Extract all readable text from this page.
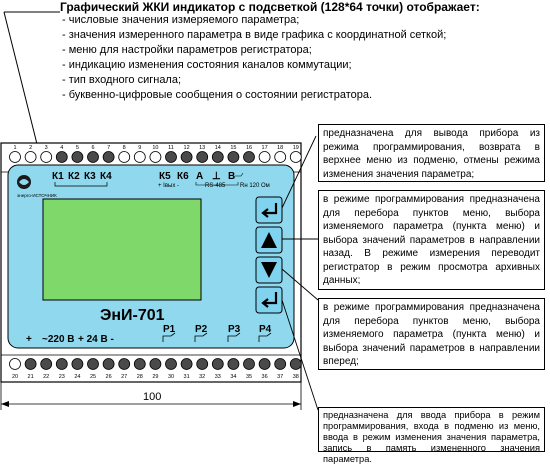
Графический ЖКИ индикатор с подсветкой (128*64 точки) отображает:
- числовые значения измеряемого параметра;
- значения измеренного параметра в виде графика с координатной сеткой;
- меню для настройки параметров регистратора;
- индикацию изменения состояния каналов коммутации;
- тип входного сигнала;
- буквенно-цифровые сообщения о состоянии регистратора.
1 2 3 4 5 6 7 8 9 10 11 12 13 14 15 16 17 18 19
20 21 22 23 24 25 26 27 28 29 30 31 32 33 34 35 36 37 38
энерго-ИСТОЧНИК
К1 К2 К3 К4	К5 К6 А ⊥ В
+ Iвых -	RS-485 Rн 120 Ом
ЭнИ-701
+ ~220 В + 24 В -
Р1 Р2 Р3 Р4
100
предназначена для вывода прибора из режима программирования, возврата в верхнее меню из подменю, отмены режима изменения значения параметра;
в режиме программирования предназначена для перебора пунктов меню, выбора изменяемого параметра (пункта меню) и выбора значений параметров в направлении назад. В режиме измерения переводит регистратор в режим просмотра архивных данных;
в режиме программирования предназначена для перебора пунктов меню, выбора изменяемого параметра (пункта меню) и выбора значений параметров в направлении вперед;
предназначена для ввода прибора в режим программирования, входа в подменю из меню, ввода в режим изменения значения параметра, запись в память измененного значения параметра.
